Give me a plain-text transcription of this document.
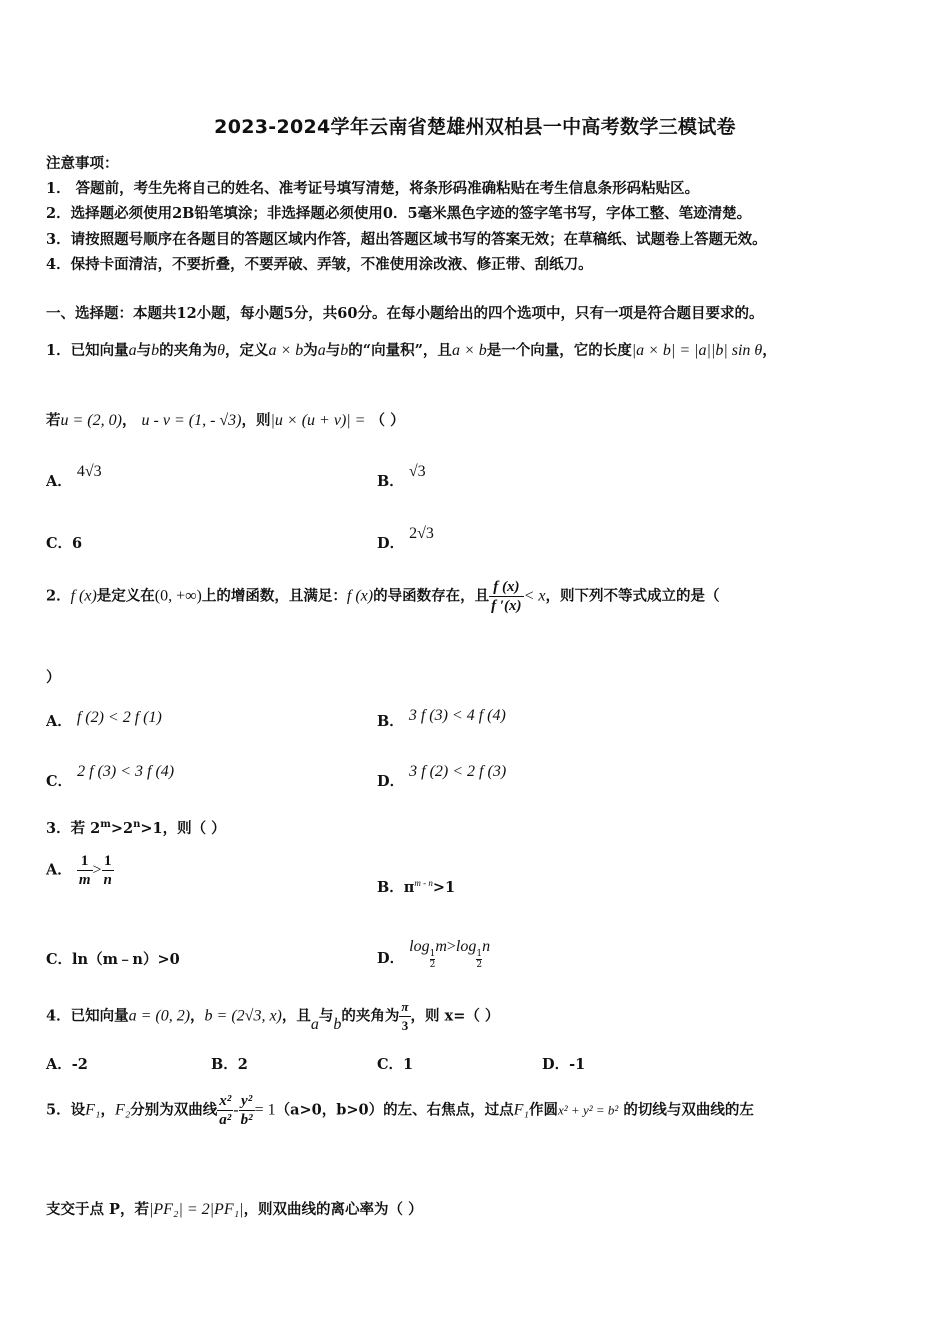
2023-2024学年云南省楚雄州双柏县一中高考数学三模试卷
注意事项：
1． 答题前，考生先将自己的姓名、准考证号填写清楚，将条形码准确粘贴在考生信息条形码粘贴区。
2．选择题必须使用2B铅笔填涂；非选择题必须使用0．5毫米黑色字迹的签字笔书写，字体工整、笔迹清楚。
3．请按照题号顺序在各题目的答题区域内作答，超出答题区域书写的答案无效；在草稿纸、试题卷上答题无效。
4．保持卡面清洁，不要折叠，不要弄破、弄皱，不准使用涂改液、修正带、刮纸刀。
一、选择题：本题共12小题，每小题5分，共60分。在每小题给出的四个选项中，只有一项是符合题目要求的。
1．已知向量a与b的夹角为θ，定义a × b为a与b的“向量积”，且a × b是一个向量，它的长度|a × b| = |a||b| sin θ，
若u = (2, 0)， u - v = (1, - √3)，则|u × (u + v)| = （ ）
A． 4√3
B． √3
C．6	D． 2√3
2．f (x)是定义在(0, +∞)上的增函数，且满足：f (x)的导函数存在，且 $\frac{f (x)}{f '(x)} < x$，则下列不等式成立的是（
）
A． f (2) < 2 f (1)	B． 3 f (3) < 4 f (4)
C． 2 f (3) < 3 f (4)
D． 3 f (2) < 2 f (3)
3．若 $2^m>2^n>1$，则（ ）
A． $\frac{1}{m} > \frac{1}{n}$	B．$\pi^{m - n}>1$
C．ln（m﹣n）>0	D． log
$\frac{1}{2}$
m>log
$\frac{1}{2}$
n
4．已知向量a = (0, 2)，b = (2√3, x)，且a与b的夹角为 $\frac{\pi}{3}$ ，则 x=（ ）
A．-2	B．2	C．1	D．-1
5．设F₁，F₂分别为双曲线 $\frac{\text{x²}}{\text{a²}} - \frac{\text{y²}}{\text{b²}} = 1(a>0$，b>0）的左、右焦点，过点F₁作圆x² + y² = b² 的切线与双曲线的左
支交于点 P，若|PF₂| = 2|PF₁|，则双曲线的离心率为（ ）
